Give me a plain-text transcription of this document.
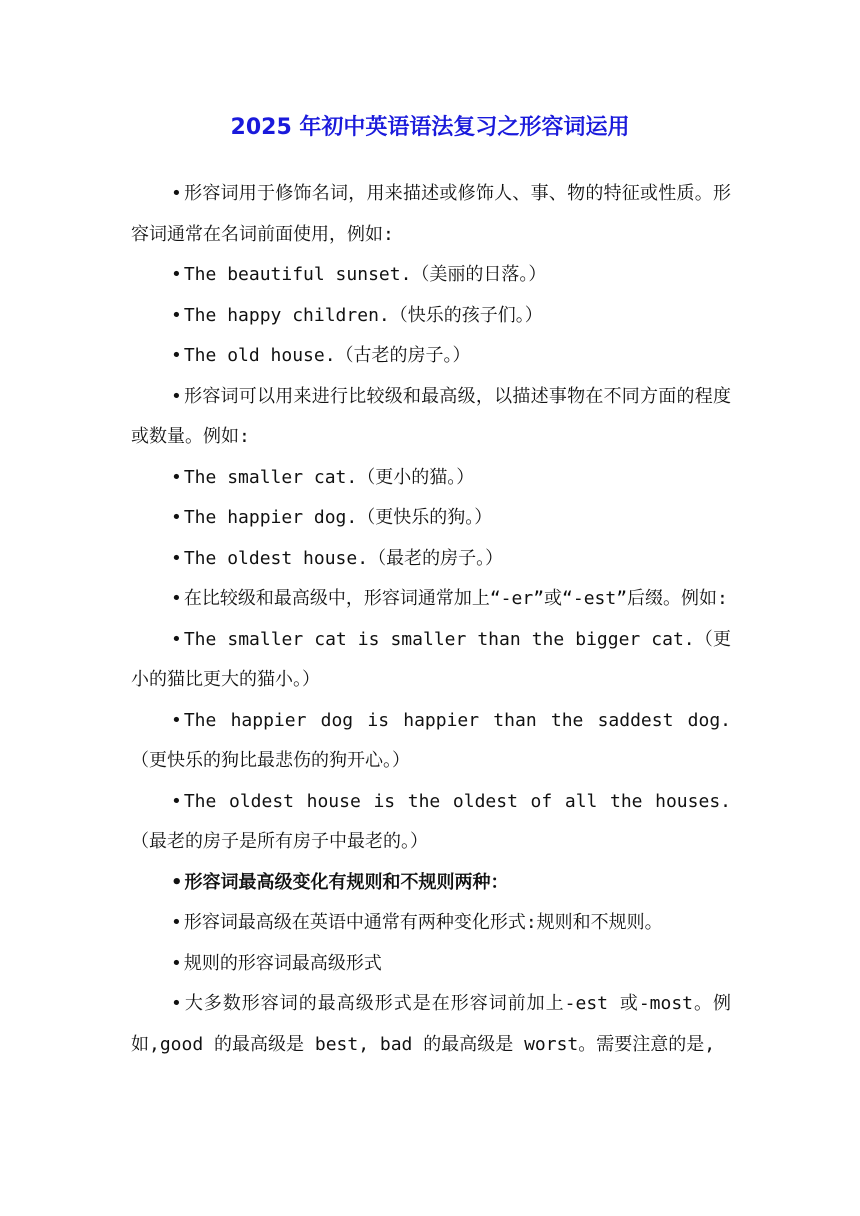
2025 年初中英语语法复习之形容词运用

• 形容词用于修饰名词，用来描述或修饰人、事、物的特征或性质。形容词通常在名词前面使用，例如:

• The beautiful sunset.（美丽的日落。）

• The happy children.（快乐的孩子们。）

• The old house.（古老的房子。）

• 形容词可以用来进行比较级和最高级，以描述事物在不同方面的程度或数量。例如:

• The smaller cat.（更小的猫。）

• The happier dog.（更快乐的狗。）

• The oldest house.（最老的房子。）

• 在比较级和最高级中，形容词通常加上“-er”或“-est”后缀。例如:

• The smaller cat is smaller than the bigger cat.（更小的猫比更大的猫小。）

• The happier dog is happier than the saddest dog.（更快乐的狗比最悲伤的狗开心。）

• The oldest house is the oldest of all the houses.（最老的房子是所有房子中最老的。）

• 形容词最高级变化有规则和不规则两种：

• 形容词最高级在英语中通常有两种变化形式:规则和不规则。

• 规则的形容词最高级形式

• 大多数形容词的最高级形式是在形容词前加上-est 或-most。例如,good 的最高级是 best, bad 的最高级是 worst。需要注意的是,
